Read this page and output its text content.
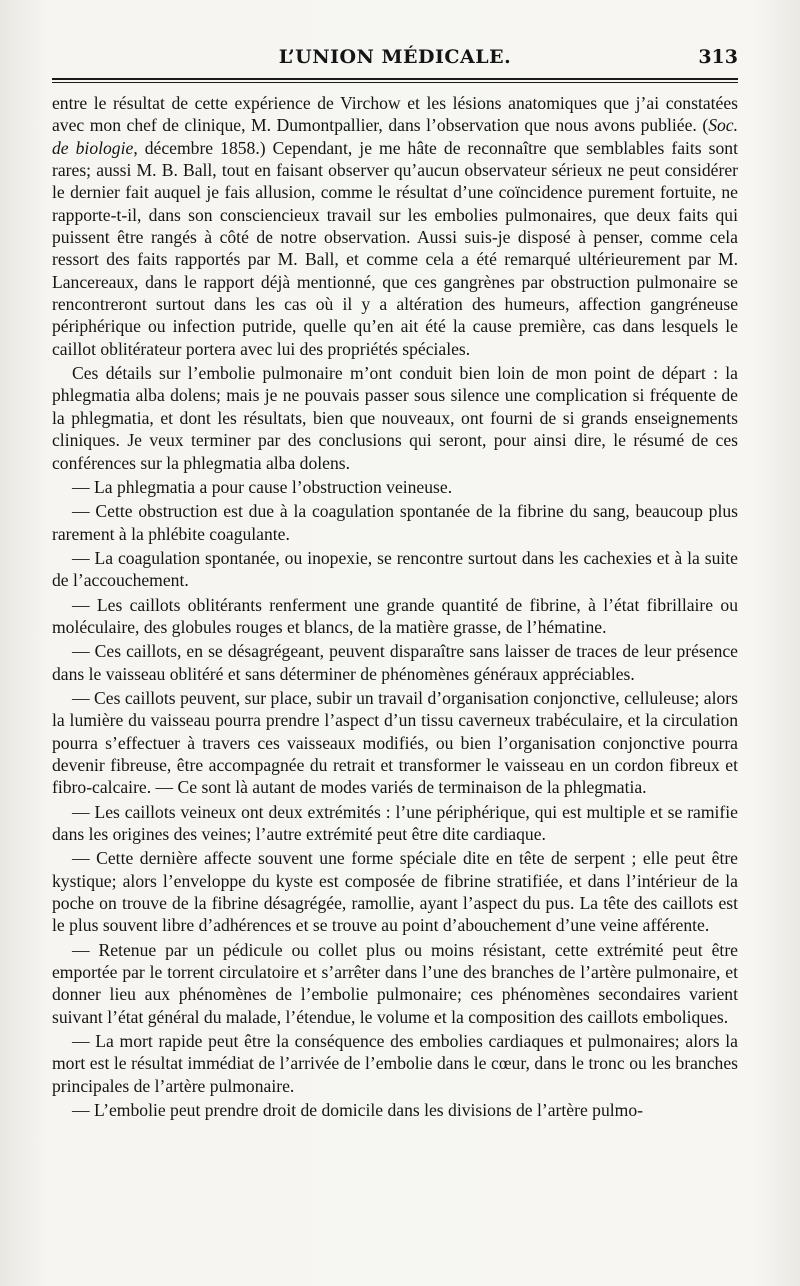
L’UNION MÉDICALE.	313

entre le résultat de cette expérience de Virchow et les lésions anatomiques que j’ai constatées avec mon chef de clinique, M. Dumontpallier, dans l’observation que nous avons publiée. (Soc. de biologie, décembre 1858.) Cependant, je me hâte de reconnaître que semblables faits sont rares; aussi M. B. Ball, tout en faisant observer qu’aucun observateur sérieux ne peut considérer le dernier fait auquel je fais allusion, comme le résultat d’une coïncidence purement fortuite, ne rapporte-t-il, dans son consciencieux travail sur les embolies pulmonaires, que deux faits qui puissent être rangés à côté de notre observation. Aussi suis-je disposé à penser, comme cela ressort des faits rapportés par M. Ball, et comme cela a été remarqué ultérieurement par M. Lancereaux, dans le rapport déjà mentionné, que ces gangrènes par obstruction pulmonaire se rencontreront surtout dans les cas où il y a altération des humeurs, affection gangréneuse périphérique ou infection putride, quelle qu’en ait été la cause première, cas dans lesquels le caillot oblitérateur portera avec lui des propriétés spéciales.

Ces détails sur l’embolie pulmonaire m’ont conduit bien loin de mon point de départ : la phlegmatia alba dolens; mais je ne pouvais passer sous silence une complication si fréquente de la phlegmatia, et dont les résultats, bien que nouveaux, ont fourni de si grands enseignements cliniques. Je veux terminer par des conclusions qui seront, pour ainsi dire, le résumé de ces conférences sur la phlegmatia alba dolens.

— La phlegmatia a pour cause l’obstruction veineuse.

— Cette obstruction est due à la coagulation spontanée de la fibrine du sang, beaucoup plus rarement à la phlébite coagulante.

— La coagulation spontanée, ou inopexie, se rencontre surtout dans les cachexies et à la suite de l’accouchement.

— Les caillots oblitérants renferment une grande quantité de fibrine, à l’état fibrillaire ou moléculaire, des globules rouges et blancs, de la matière grasse, de l’hématine.

— Ces caillots, en se désagrégeant, peuvent disparaître sans laisser de traces de leur présence dans le vaisseau oblitéré et sans déterminer de phénomènes généraux appréciables.

— Ces caillots peuvent, sur place, subir un travail d’organisation conjonctive, celluleuse; alors la lumière du vaisseau pourra prendre l’aspect d’un tissu caverneux trabéculaire, et la circulation pourra s’effectuer à travers ces vaisseaux modifiés, ou bien l’organisation conjonctive pourra devenir fibreuse, être accompagnée du retrait et transformer le vaisseau en un cordon fibreux et fibro-calcaire. — Ce sont là autant de modes variés de terminaison de la phlegmatia.

— Les caillots veineux ont deux extrémités : l’une périphérique, qui est multiple et se ramifie dans les origines des veines; l’autre extrémité peut être dite cardiaque.

— Cette dernière affecte souvent une forme spéciale dite en tête de serpent ; elle peut être kystique; alors l’enveloppe du kyste est composée de fibrine stratifiée, et dans l’intérieur de la poche on trouve de la fibrine désagrégée, ramollie, ayant l’aspect du pus. La tête des caillots est le plus souvent libre d’adhérences et se trouve au point d’abouchement d’une veine afférente.

— Retenue par un pédicule ou collet plus ou moins résistant, cette extrémité peut être emportée par le torrent circulatoire et s’arrêter dans l’une des branches de l’artère pulmonaire, et donner lieu aux phénomènes de l’embolie pulmonaire; ces phénomènes secondaires varient suivant l’état général du malade, l’étendue, le volume et la composition des caillots emboliques.

— La mort rapide peut être la conséquence des embolies cardiaques et pulmonaires; alors la mort est le résultat immédiat de l’arrivée de l’embolie dans le cœur, dans le tronc ou les branches principales de l’artère pulmonaire.

— L’embolie peut prendre droit de domicile dans les divisions de l’artère pulmo-
